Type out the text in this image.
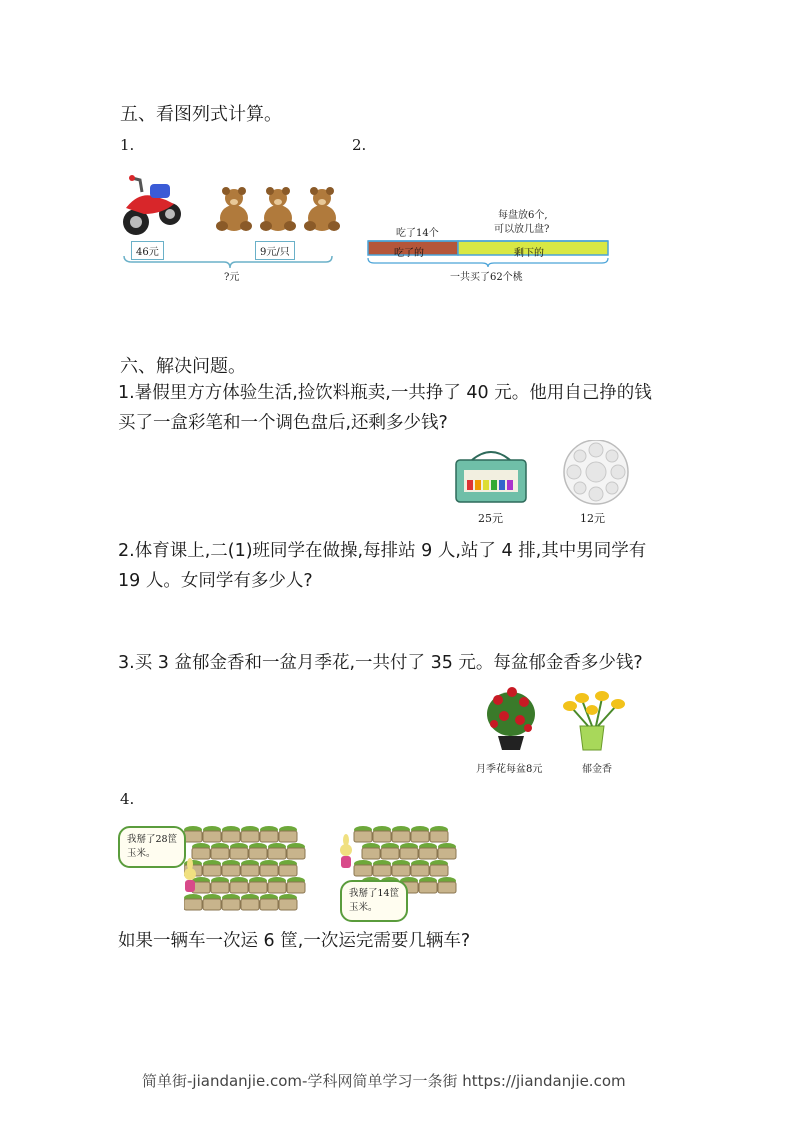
五、看图列式计算。
1.	2.
46元	9元/只
?元
每盘放6个,
可以放几盘?
吃了14个
吃了的	剩下的
一共买了62个桃
六、解决问题。
1.暑假里方方体验生活,捡饮料瓶卖,一共挣了 40 元。他用自己挣的钱
买了一盒彩笔和一个调色盘后,还剩多少钱?
25元	12元
2.体育课上,二(1)班同学在做操,每排站 9 人,站了 4 排,其中男同学有
19 人。女同学有多少人?
3.买 3 盆郁金香和一盆月季花,一共付了 35 元。每盆郁金香多少钱?
月季花每盆8元	郁金香
4.
我掰了28筐
玉米。
我掰了14筐
玉米。
如果一辆车一次运 6 筐,一次运完需要几辆车?
简单街-jiandanjie.com-学科网简单学习一条街 https://jiandanjie.com
